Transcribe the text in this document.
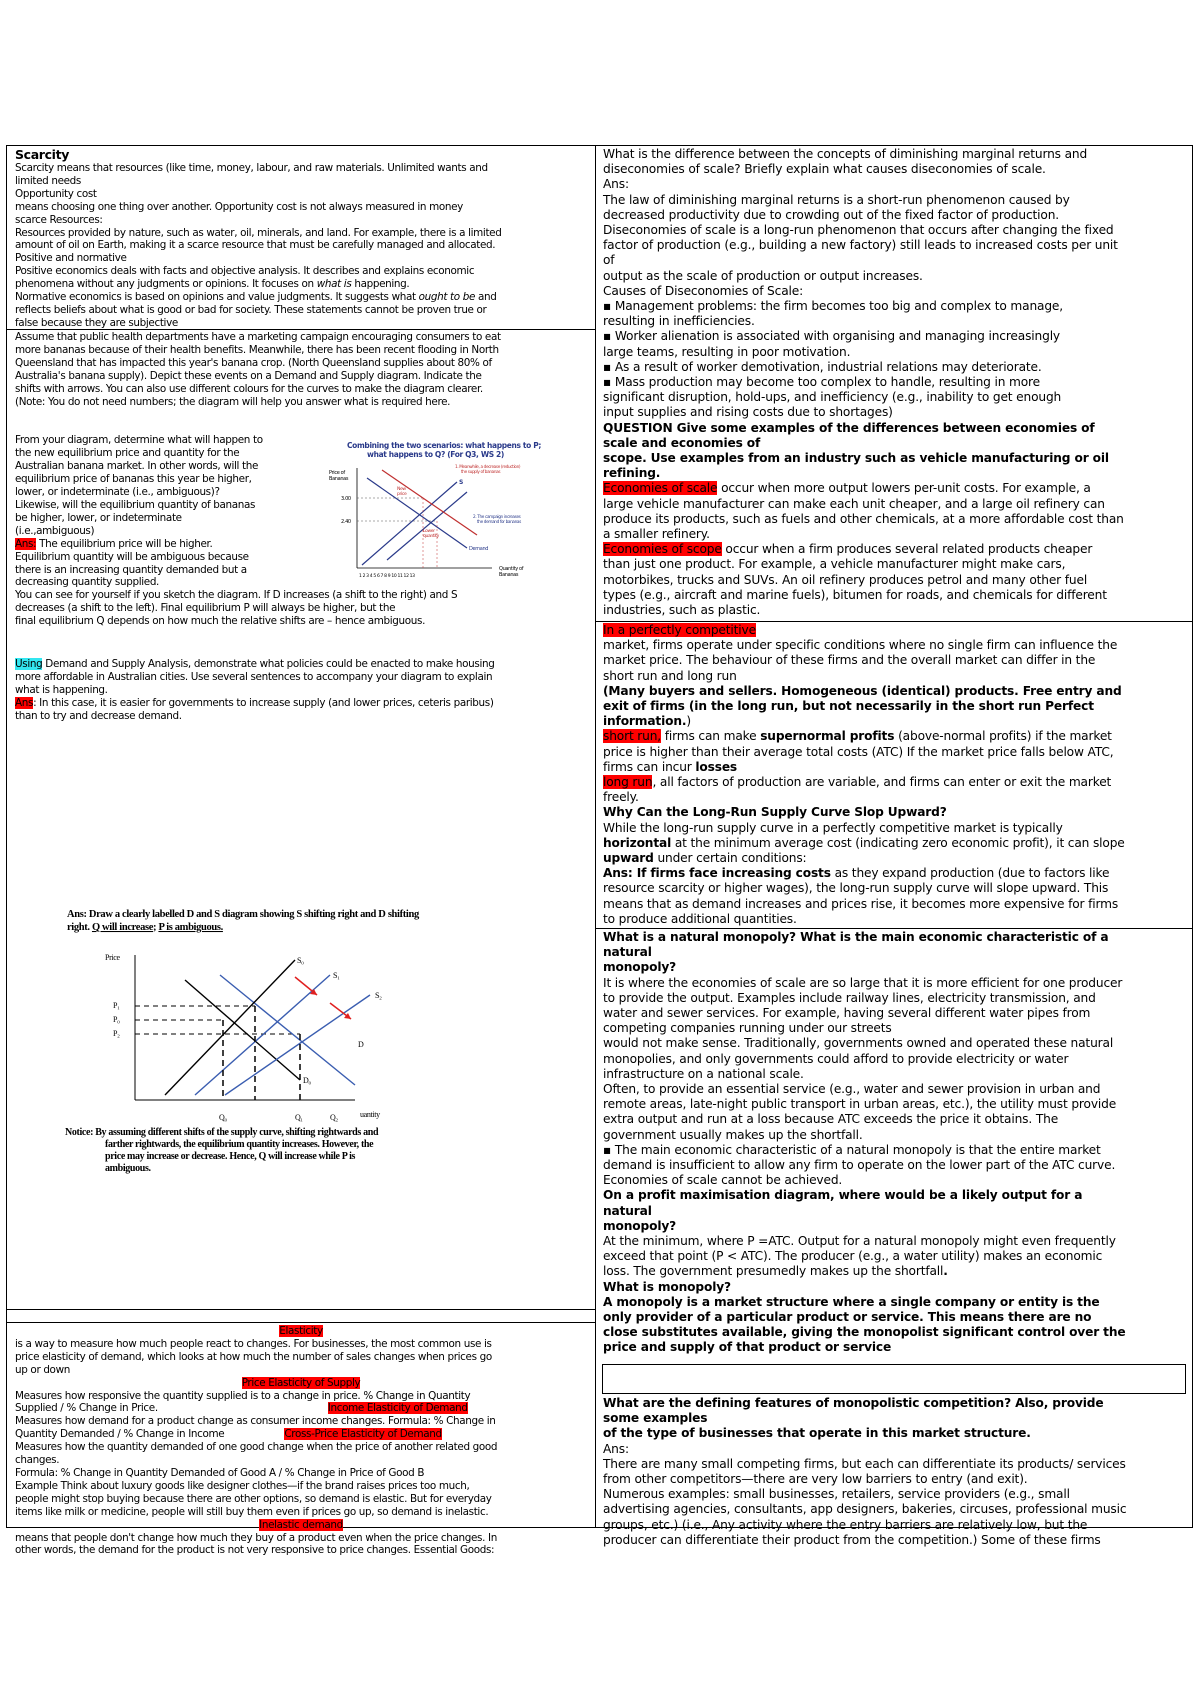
Scarcity

Scarcity means that resources (like time, money, labour, and raw materials. Unlimited wants and

limited needs

Opportunity cost

means choosing one thing over another. Opportunity cost is not always measured in money

scarce Resources:

Resources provided by nature, such as water, oil, minerals, and land. For example, there is a limited

amount of oil on Earth, making it a scarce resource that must be carefully managed and allocated.

Positive and normative

Positive economics deals with facts and objective analysis. It describes and explains economic

phenomena without any judgments or opinions. It focuses on what is happening.

Normative economics is based on opinions and value judgments. It suggests what ought to be and

reflects beliefs about what is good or bad for society. These statements cannot be proven true or

false because they are subjective

Assume that public health departments have a marketing campaign encouraging consumers to eat

more bananas because of their health benefits. Meanwhile, there has been recent flooding in North

Queensland that has impacted this year's banana crop. (North Queensland supplies about 80% of

Australia's banana supply). Depict these events on a Demand and Supply diagram. Indicate the

shifts with arrows. You can also use different colours for the curves to make the diagram clearer.

(Note: You do not need numbers; the diagram will help you answer what is required here.

From your diagram, determine what will happen to

the new equilibrium price and quantity for the

Australian banana market. In other words, will the

equilibrium price of bananas this year be higher,

lower, or indeterminate (i.e., ambiguous)?

Likewise, will the equilibrium quantity of bananas

be higher, lower, or indeterminate

(i.e.,ambiguous)

Ans: The equilibrium price will be higher.

Equilibrium quantity will be ambiguous because

there is an increasing quantity demanded but a

decreasing quantity supplied.

You can see for yourself if you sketch the diagram. If D increases (a shift to the right) and S

decreases (a shift to the left). Final equilibrium P will always be higher, but the

final equilibrium Q depends on how much the relative shifts are – hence ambiguous.

Using Demand and Supply Analysis, demonstrate what policies could be enacted to make housing

more affordable in Australian cities. Use several sentences to accompany your diagram to explain

what is happening.

Ans: In this case, it is easier for governments to increase supply (and lower prices, ceteris paribus)

than to try and decrease demand.

Combining the two scenarios: what happens to P;
what happens to Q? (For Q3, WS 2)
Price of
Bananas
3.00
2.40
S
Demand
New
price
Lower
quantity
1. Meanwhile, a decrease (reduction)
the supply of bananas
2. The campaign increases
the demand for bananas
1 2 3 4 5 6 7 8 9 10 11 12 13
Quantity of
Bananas
Ans: Draw a clearly labelled D and S diagram showing S shifting right and D shifting
right. Q will increase; P is ambiguous.
Price
P₁
P₀
P₂
S₀
S₁
S₂
D₀
D
Q₀	Q₁	Q₂	uantity
Notice: By assuming different shifts of the supply curve, shifting rightwards and
farther rightwards, the equilibrium quantity increases. However, the
price may increase or decrease. Hence, Q will increase while P is
ambiguous.

Elasticity

is a way to measure how much people react to changes. For businesses, the most common use is

price elasticity of demand, which looks at how much the number of sales changes when prices go

up or down

Price Elasticity of Supply

Measures how responsive the quantity supplied is to a change in price. % Change in Quantity

Supplied / % Change in Price.	Income Elasticity of Demand

Measures how demand for a product change as consumer income changes. Formula: % Change in

Quantity Demanded / % Change in Income	Cross-Price Elasticity of Demand

Measures how the quantity demanded of one good change when the price of another related good

changes.

Formula: % Change in Quantity Demanded of Good A / % Change in Price of Good B

Example Think about luxury goods like designer clothes—if the brand raises prices too much,

people might stop buying because there are other options, so demand is elastic. But for everyday

items like milk or medicine, people will still buy them even if prices go up, so demand is inelastic.

Inelastic demand

means that people don't change how much they buy of a product even when the price changes. In

other words, the demand for the product is not very responsive to price changes. Essential Goods:

What is the difference between the concepts of diminishing marginal returns and

diseconomies of scale? Briefly explain what causes diseconomies of scale.

Ans:

The law of diminishing marginal returns is a short-run phenomenon caused by

decreased productivity due to crowding out of the fixed factor of production.

Diseconomies of scale is a long-run phenomenon that occurs after changing the fixed

factor of production (e.g., building a new factory) still leads to increased costs per unit

of

output as the scale of production or output increases.

Causes of Diseconomies of Scale:

▪ Management problems: the firm becomes too big and complex to manage,

resulting in inefficiencies.

▪ Worker alienation is associated with organising and managing increasingly

large teams, resulting in poor motivation.

▪ As a result of worker demotivation, industrial relations may deteriorate.

▪ Mass production may become too complex to handle, resulting in more

significant disruption, hold-ups, and inefficiency (e.g., inability to get enough

input supplies and rising costs due to shortages)

QUESTION Give some examples of the differences between economies of

scale and economies of

scope. Use examples from an industry such as vehicle manufacturing or oil

refining.

Economies of scale occur when more output lowers per-unit costs. For example, a

large vehicle manufacturer can make each unit cheaper, and a large oil refinery can

produce its products, such as fuels and other chemicals, at a more affordable cost than

a smaller refinery.

Economies of scope occur when a firm produces several related products cheaper

than just one product. For example, a vehicle manufacturer might make cars,

motorbikes, trucks and SUVs. An oil refinery produces petrol and many other fuel

types (e.g., aircraft and marine fuels), bitumen for roads, and chemicals for different

industries, such as plastic.

In a perfectly competitive

market, firms operate under specific conditions where no single firm can influence the

market price. The behaviour of these firms and the overall market can differ in the

short run and long run

(Many buyers and sellers. Homogeneous (identical) products. Free entry and

exit of firms (in the long run, but not necessarily in the short run Perfect

information.)

short run, firms can make supernormal profits (above-normal profits) if the market

price is higher than their average total costs (ATC) If the market price falls below ATC,

firms can incur losses

long run, all factors of production are variable, and firms can enter or exit the market

freely.

Why Can the Long-Run Supply Curve Slop Upward?

While the long-run supply curve in a perfectly competitive market is typically

horizontal at the minimum average cost (indicating zero economic profit), it can slope

upward under certain conditions:

Ans: If firms face increasing costs as they expand production (due to factors like

resource scarcity or higher wages), the long-run supply curve will slope upward. This

means that as demand increases and prices rise, it becomes more expensive for firms

to produce additional quantities.

What is a natural monopoly? What is the main economic characteristic of a

natural

monopoly?

It is where the economies of scale are so large that it is more efficient for one producer

to provide the output. Examples include railway lines, electricity transmission, and

water and sewer services. For example, having several different water pipes from

competing companies running under our streets

would not make sense. Traditionally, governments owned and operated these natural

monopolies, and only governments could afford to provide electricity or water

infrastructure on a national scale.

Often, to provide an essential service (e.g., water and sewer provision in urban and

remote areas, late-night public transport in urban areas, etc.), the utility must provide

extra output and run at a loss because ATC exceeds the price it obtains. The

government usually makes up the shortfall.

▪ The main economic characteristic of a natural monopoly is that the entire market

demand is insufficient to allow any firm to operate on the lower part of the ATC curve.

Economies of scale cannot be achieved.

On a profit maximisation diagram, where would be a likely output for a

natural

monopoly?

At the minimum, where P =ATC. Output for a natural monopoly might even frequently

exceed that point (P < ATC). The producer (e.g., a water utility) makes an economic

loss. The government presumedly makes up the shortfall.

What is monopoly?

A monopoly is a market structure where a single company or entity is the

only provider of a particular product or service. This means there are no

close substitutes available, giving the monopolist significant control over the

price and supply of that product or service

What are the defining features of monopolistic competition? Also, provide

some examples

of the type of businesses that operate in this market structure.

Ans:

There are many small competing firms, but each can differentiate its products/ services

from other competitors—there are very low barriers to entry (and exit).

Numerous examples: small businesses, retailers, service providers (e.g., small

advertising agencies, consultants, app designers, bakeries, circuses, professional music

groups, etc.) (i.e., Any activity where the entry barriers are relatively low, but the

producer can differentiate their product from the competition.) Some of these firms
